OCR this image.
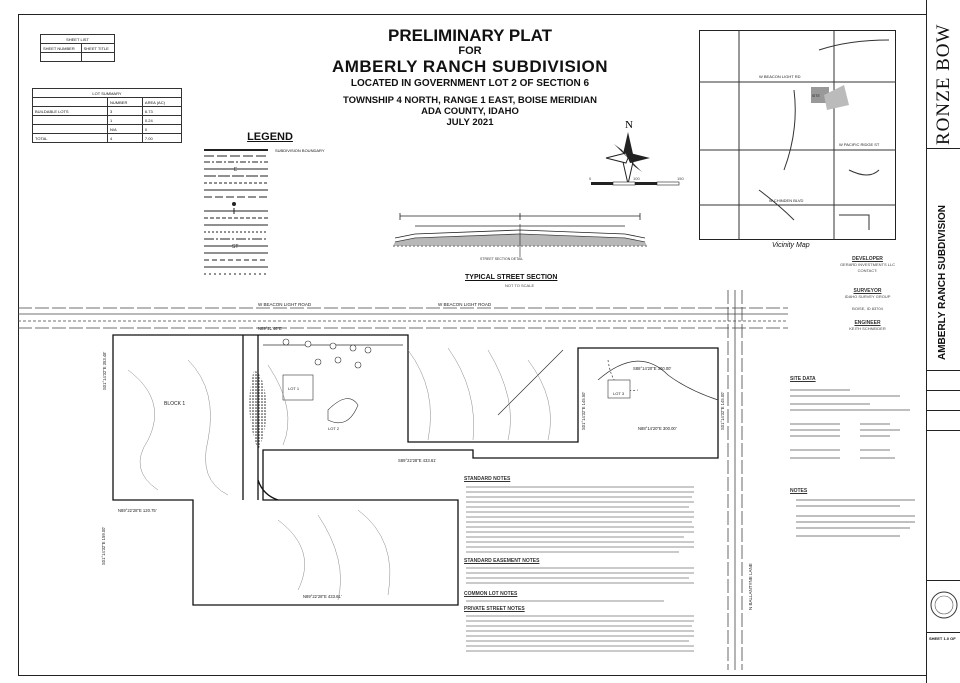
SHEET LIST	
SHEET NUMBER	SHEET TITLE

LOT SUMMARY		
	NUMBER	AREA (AC)
BUILDABLE LOTS	3	6.73
	1	0.24
	N/A	0
TOTAL	4	7.00
PRELIMINARY PLAT
FOR
AMBERLY RANCH SUBDIVISION
LOCATED IN GOVERNMENT LOT 2 OF SECTION 6
TOWNSHIP 4 NORTH, RANGE 1 EAST, BOISE MERIDIAN
ADA COUNTY, IDAHO
JULY 2021
LEGEND
E
ST
SUBDIVISION BOUNDARY
N
0	100	150
STREET SECTION DETAIL
TYPICAL STREET SECTION
NOT TO SCALE
W BEACON LIGHT RD
W PACIFIC RIDGE ST
W CHINDEN BLVD
SITE
Vicinity Map
DEVELOPER
GERARD INVESTMENTS LLC
CONTACT:

SURVEYOR
IDAHO SURVEY GROUP

BOISE, ID 83704

ENGINEER
KEITH SCHNEIDER

SITE DATA
NOTES
N89°21'46"E
S89°22'28"E 433.61'
N89°22'28"E 120.75'
N89°22'28"E 433.61'
S88°14'20"E 300.00'
N88°14'20"E 300.00'
BLOCK 1
W BEACON LIGHT ROAD	W BEACON LIGHT ROAD
LOT 1
LOT 2
LOT 3
S01°14'32"E 353.48'
S01°14'32"E 145.50'	S01°14'32"E 145.00'
S01°14'32"E 159.00'
N BALLANTYNE LANE
STANDARD NOTES
STANDARD EASEMENT NOTES
COMMON LOT NOTES
PRIVATE STREET NOTES
RONZE BOW
AMBERLY RANCH SUBDIVISION
SHEET 1.0 OF
